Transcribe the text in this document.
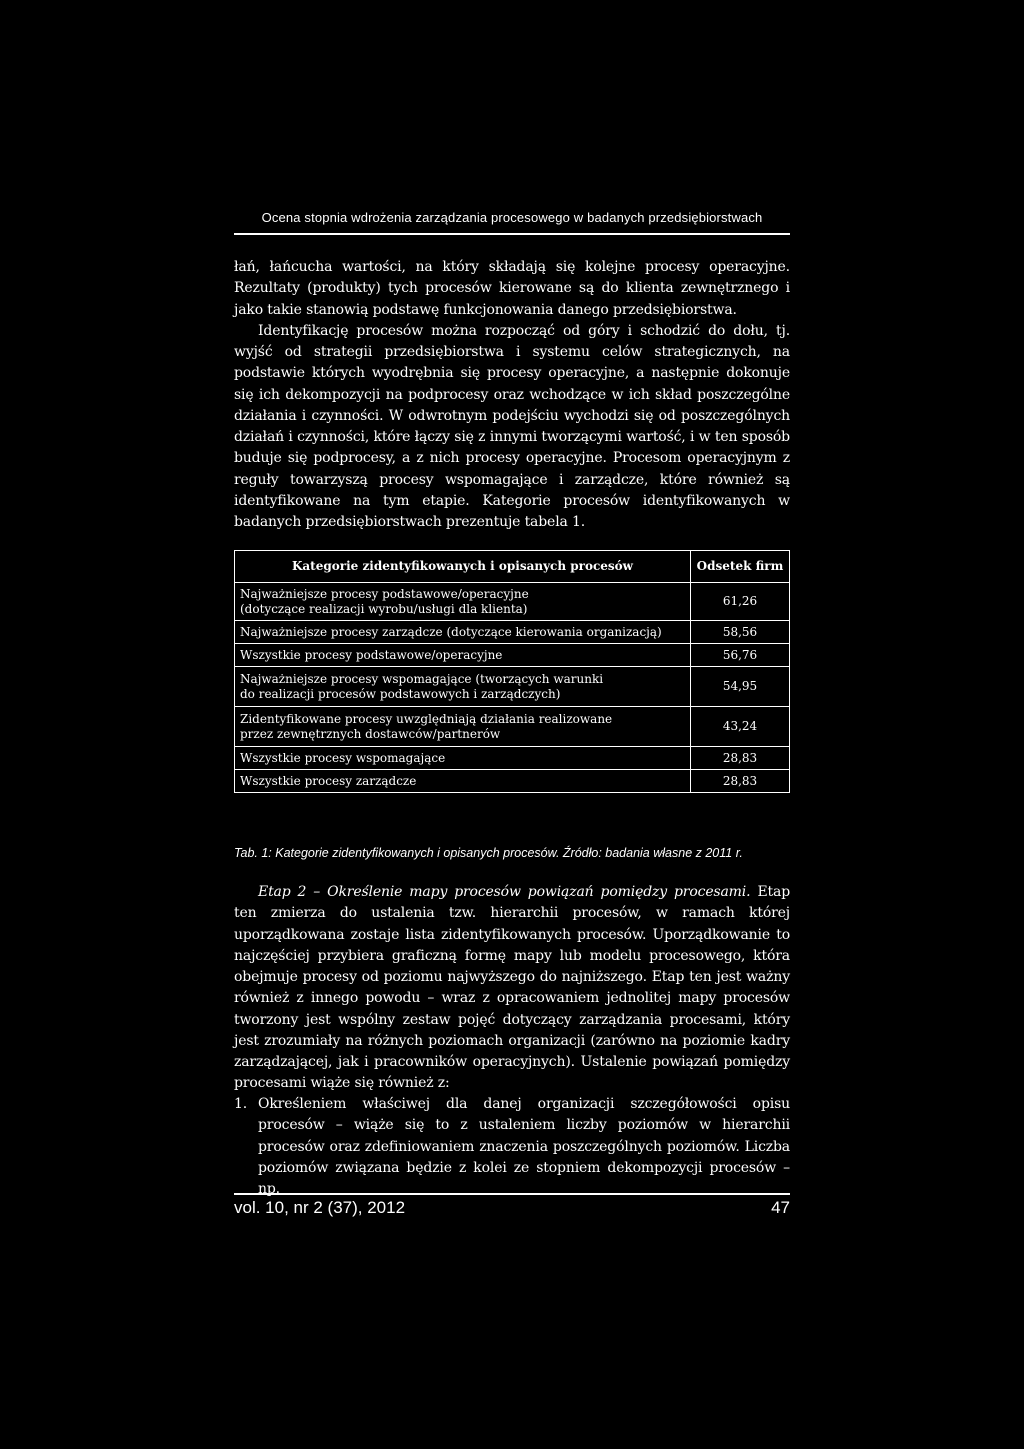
Ocena stopnia wdrożenia zarządzania procesowego w badanych przedsiębiorstwach

łań, łańcucha wartości, na który składają się kolejne procesy operacyjne. Rezultaty (produkty) tych procesów kierowane są do klienta zewnętrznego i jako takie stanowią podstawę funkcjonowania danego przedsiębiorstwa.

Identyfikację procesów można rozpocząć od góry i schodzić do dołu, tj. wyjść od strategii przedsiębiorstwa i systemu celów strategicznych, na podstawie których wyodrębnia się procesy operacyjne, a następnie dokonuje się ich dekompozycji na podprocesy oraz wchodzące w ich skład poszczególne działania i czynności. W odwrotnym podejściu wychodzi się od poszczególnych działań i czynności, które łączy się z innymi tworzącymi wartość, i w ten sposób buduje się podprocesy, a z nich procesy operacyjne. Procesom operacyjnym z reguły towarzyszą procesy wspomagające i zarządcze, które również są identyfikowane na tym etapie. Kategorie procesów identyfikowanych w badanych przedsiębiorstwach prezentuje tabela 1.

Kategorie zidentyfikowanych i opisanych procesów	Odsetek firm
Najważniejsze procesy podstawowe/operacyjne
(dotyczące realizacji wyrobu/usługi dla klienta)	61,26
Najważniejsze procesy zarządcze (dotyczące kierowania organizacją)	58,56
Wszystkie procesy podstawowe/operacyjne	56,76
Najważniejsze procesy wspomagające (tworzących warunki
do realizacji procesów podstawowych i zarządczych)	54,95
Zidentyfikowane procesy uwzględniają działania realizowane
przez zewnętrznych dostawców/partnerów	43,24
Wszystkie procesy wspomagające	28,83
Wszystkie procesy zarządcze	28,83
Tab. 1: Kategorie zidentyfikowanych i opisanych procesów. Źródło: badania własne z 2011 r.

Etap 2 – Określenie mapy procesów powiązań pomiędzy procesami. Etap ten zmierza do ustalenia tzw. hierarchii procesów, w ramach której uporządkowana zostaje lista zidentyfikowanych procesów. Uporządkowanie to najczęściej przybiera graficzną formę mapy lub modelu procesowego, która obejmuje procesy od poziomu najwyższego do najniższego. Etap ten jest ważny również z innego powodu – wraz z opracowaniem jednolitej mapy procesów tworzony jest wspólny zestaw pojęć dotyczący zarządzania procesami, który jest zrozumiały na różnych poziomach organizacji (zarówno na poziomie kadry zarządzającej, jak i pracowników operacyjnych). Ustalenie powiązań pomiędzy procesami wiąże się również z:

1. Określeniem właściwej dla danej organizacji szczegółowości opisu procesów – wiąże się to z ustaleniem liczby poziomów w hierarchii procesów oraz zdefiniowaniem znaczenia poszczególnych poziomów. Liczba poziomów związana będzie z kolei ze stopniem dekompozycji procesów – np.
vol. 10, nr 2 (37), 2012	47
